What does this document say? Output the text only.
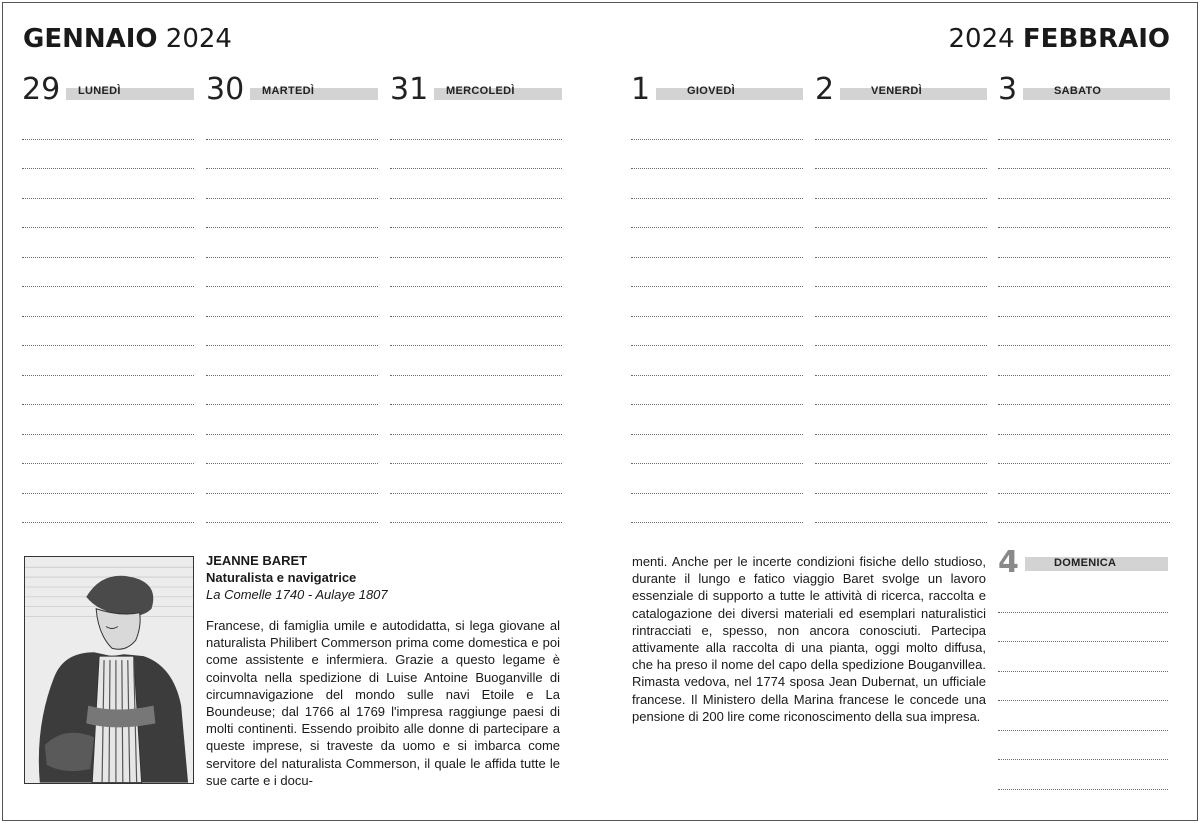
GENNAIO 2024	2024 FEBBRAIO
29	LUNEDÌ	30	MARTEDÌ	31	MERCOLEDÌ	1	GIOVEDÌ	2	VENERDÌ	3	SABATO
JEANNE BARET
Naturalista e navigatrice
La Comelle 1740 - Aulaye 1807

Francese, di famiglia umile e autodidatta, si lega giovane al naturalista Philibert Commerson prima come domestica e poi come assistente e infermiera. Grazie a questo legame è coinvolta nella spedizione di Luise Antoine Buoganville di circumnavigazione del mondo sulle navi Etoile e La Boundeuse; dal 1766 al 1769 l'impresa raggiunge paesi di molti continenti. Essendo proibito alle donne di partecipare a queste imprese, si traveste da uomo e si imbarca come servitore del naturalista Commerson, il quale le affida tutte le sue carte e i docu-

menti. Anche per le incerte condizioni fisiche dello studioso, durante il lungo e fatico viaggio Baret svolge un lavoro essenziale di supporto a tutte le attività di ricerca, raccolta e catalogazione dei diversi materiali ed esemplari naturalistici rintracciati e, spesso, non ancora conosciuti. Partecipa attivamente alla raccolta di una pianta, oggi molto diffusa, che ha preso il nome del capo della spedizione Bouganvillea. Rimasta vedova, nel 1774 sposa Jean Dubernat, un ufficiale francese. Il Ministero della Marina francese le concede una pensione di 200 lire come riconoscimento della sua impresa.

4	DOMENICA
